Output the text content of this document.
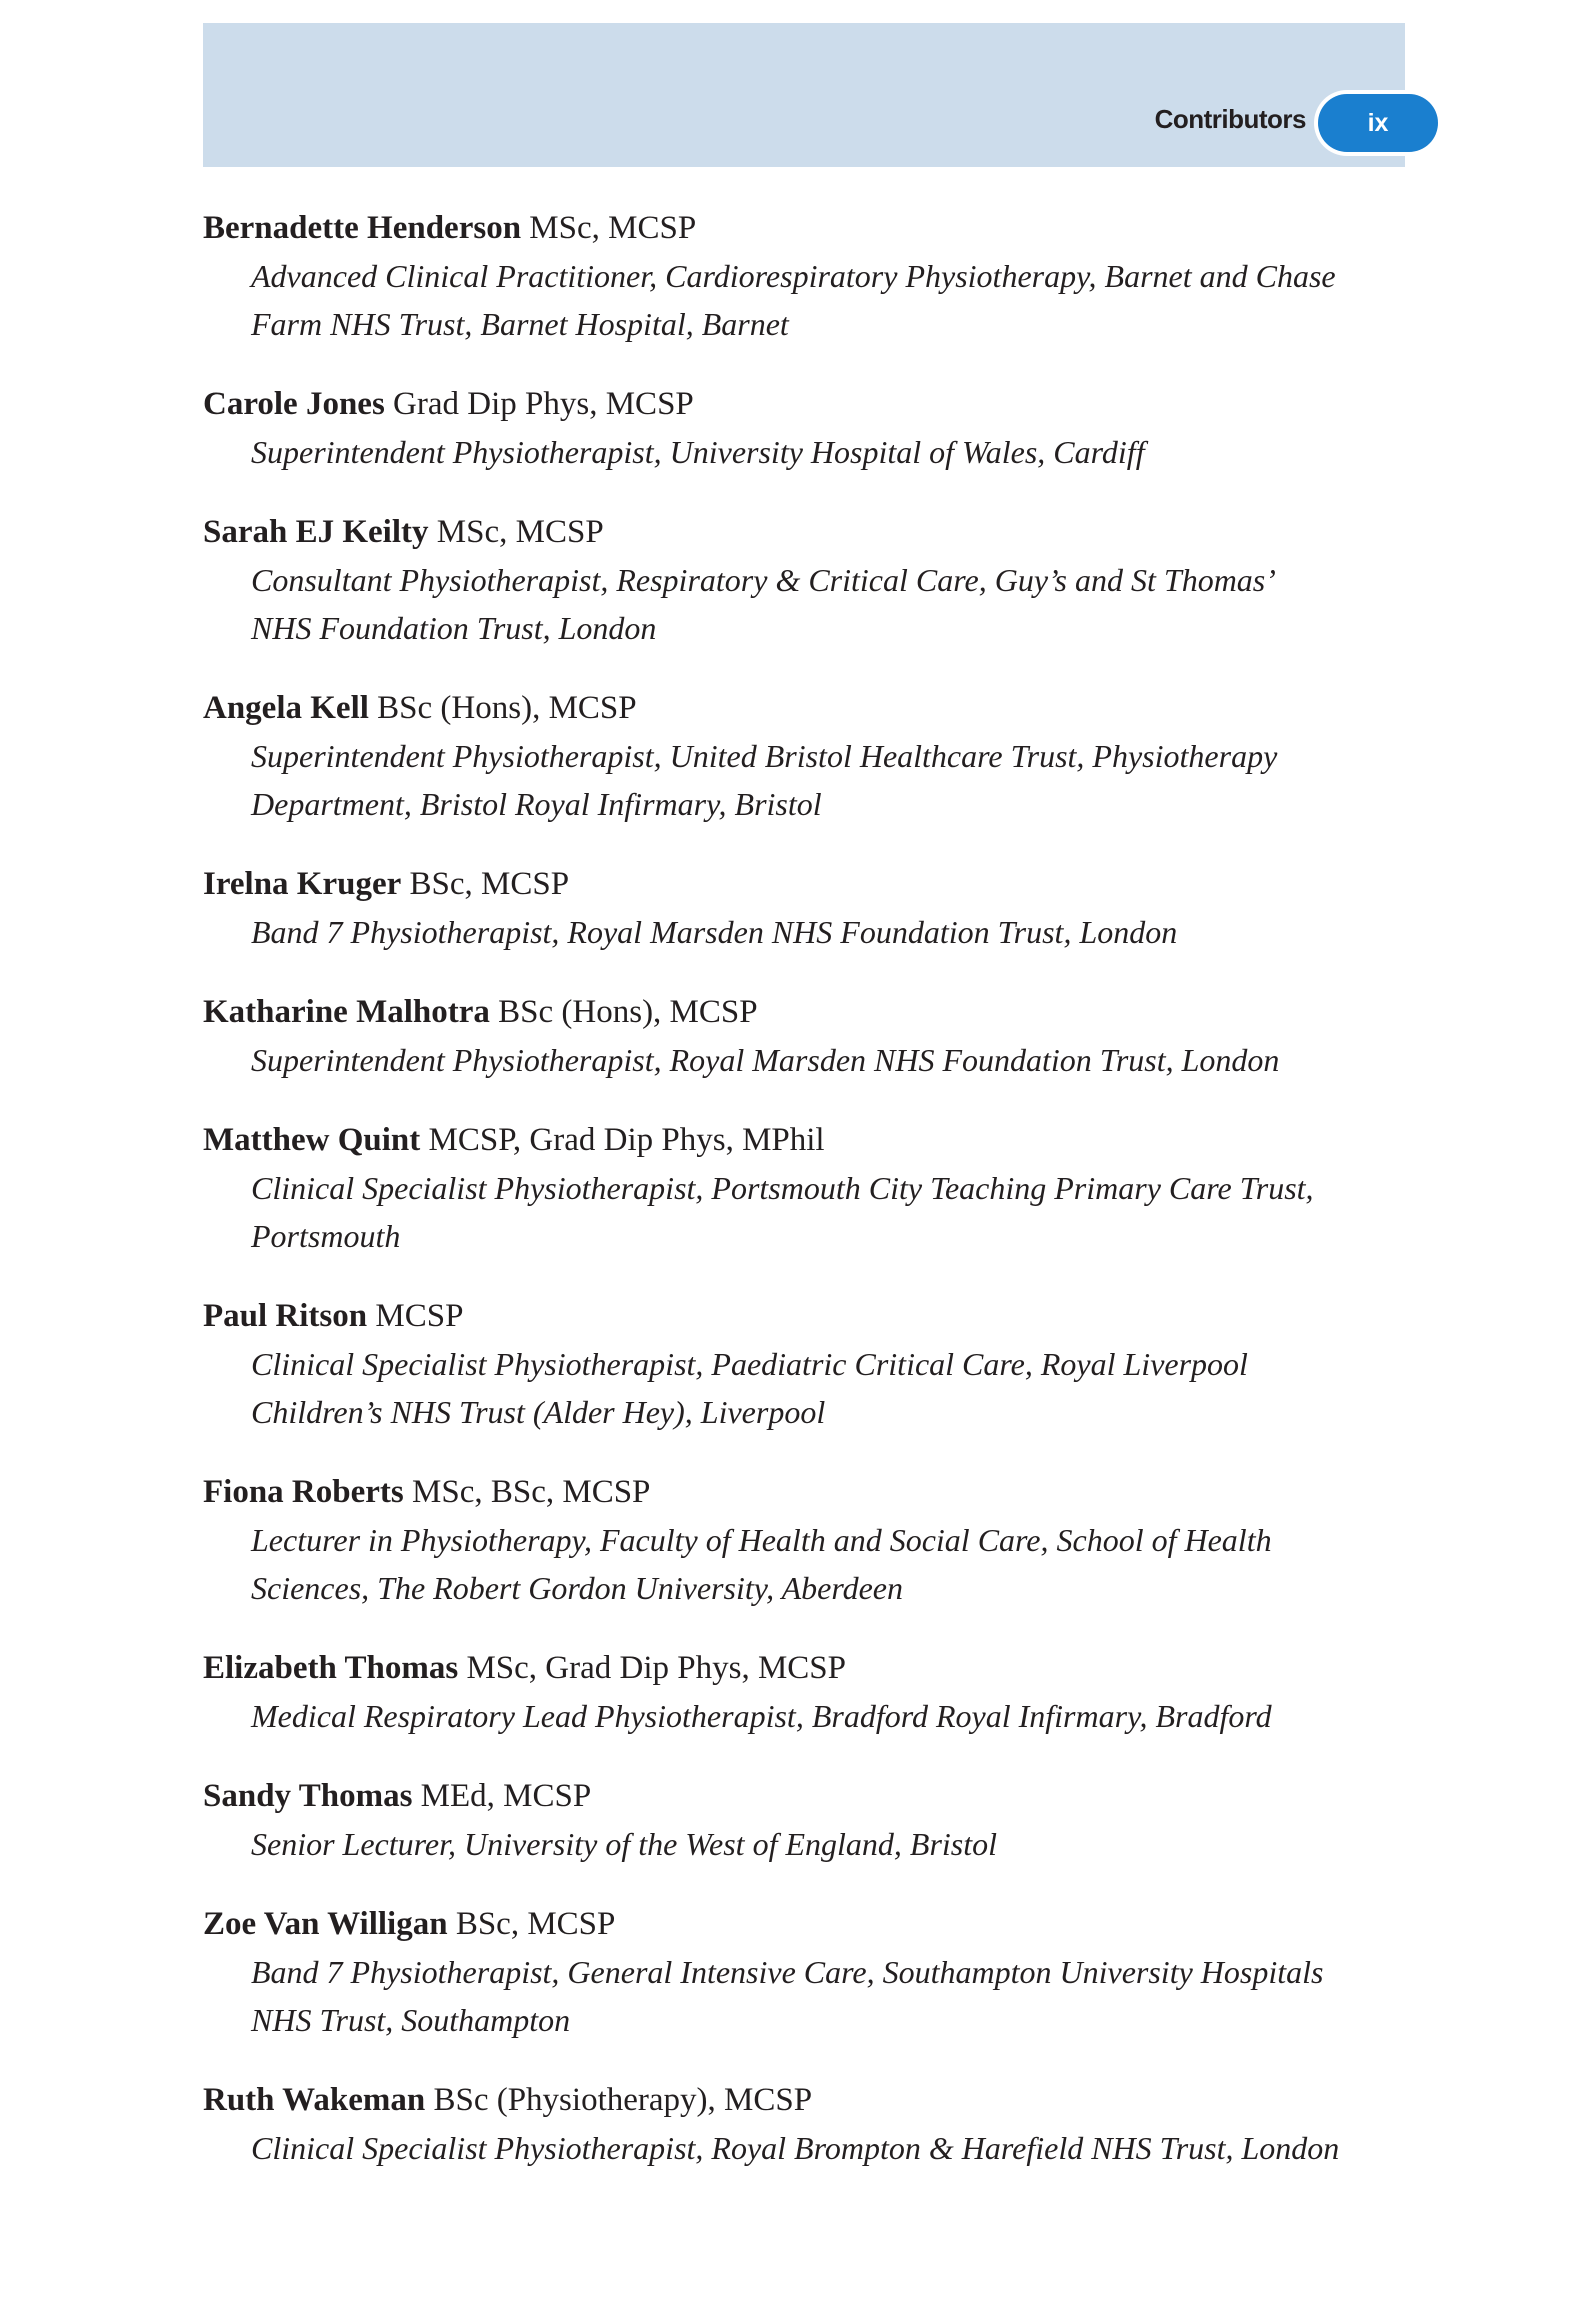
Contributors ix
Bernadette Henderson MSc, MCSP
Advanced Clinical Practitioner, Cardiorespiratory Physiotherapy, Barnet and Chase
Farm NHS Trust, Barnet Hospital, Barnet
Carole Jones Grad Dip Phys, MCSP
Superintendent Physiotherapist, University Hospital of Wales, Cardiff
Sarah EJ Keilty MSc, MCSP
Consultant Physiotherapist, Respiratory & Critical Care, Guy’s and St Thomas’
NHS Foundation Trust, London
Angela Kell BSc (Hons), MCSP
Superintendent Physiotherapist, United Bristol Healthcare Trust, Physiotherapy
Department, Bristol Royal Infirmary, Bristol
Irelna Kruger BSc, MCSP
Band 7 Physiotherapist, Royal Marsden NHS Foundation Trust, London
Katharine Malhotra BSc (Hons), MCSP
Superintendent Physiotherapist, Royal Marsden NHS Foundation Trust, London
Matthew Quint MCSP, Grad Dip Phys, MPhil
Clinical Specialist Physiotherapist, Portsmouth City Teaching Primary Care Trust,
Portsmouth
Paul Ritson MCSP
Clinical Specialist Physiotherapist, Paediatric Critical Care, Royal Liverpool
Children’s NHS Trust (Alder Hey), Liverpool
Fiona Roberts MSc, BSc, MCSP
Lecturer in Physiotherapy, Faculty of Health and Social Care, School of Health
Sciences, The Robert Gordon University, Aberdeen
Elizabeth Thomas MSc, Grad Dip Phys, MCSP
Medical Respiratory Lead Physiotherapist, Bradford Royal Infirmary, Bradford
Sandy Thomas MEd, MCSP
Senior Lecturer, University of the West of England, Bristol
Zoe Van Willigan BSc, MCSP
Band 7 Physiotherapist, General Intensive Care, Southampton University Hospitals
NHS Trust, Southampton
Ruth Wakeman BSc (Physiotherapy), MCSP
Clinical Specialist Physiotherapist, Royal Brompton & Harefield NHS Trust, London
